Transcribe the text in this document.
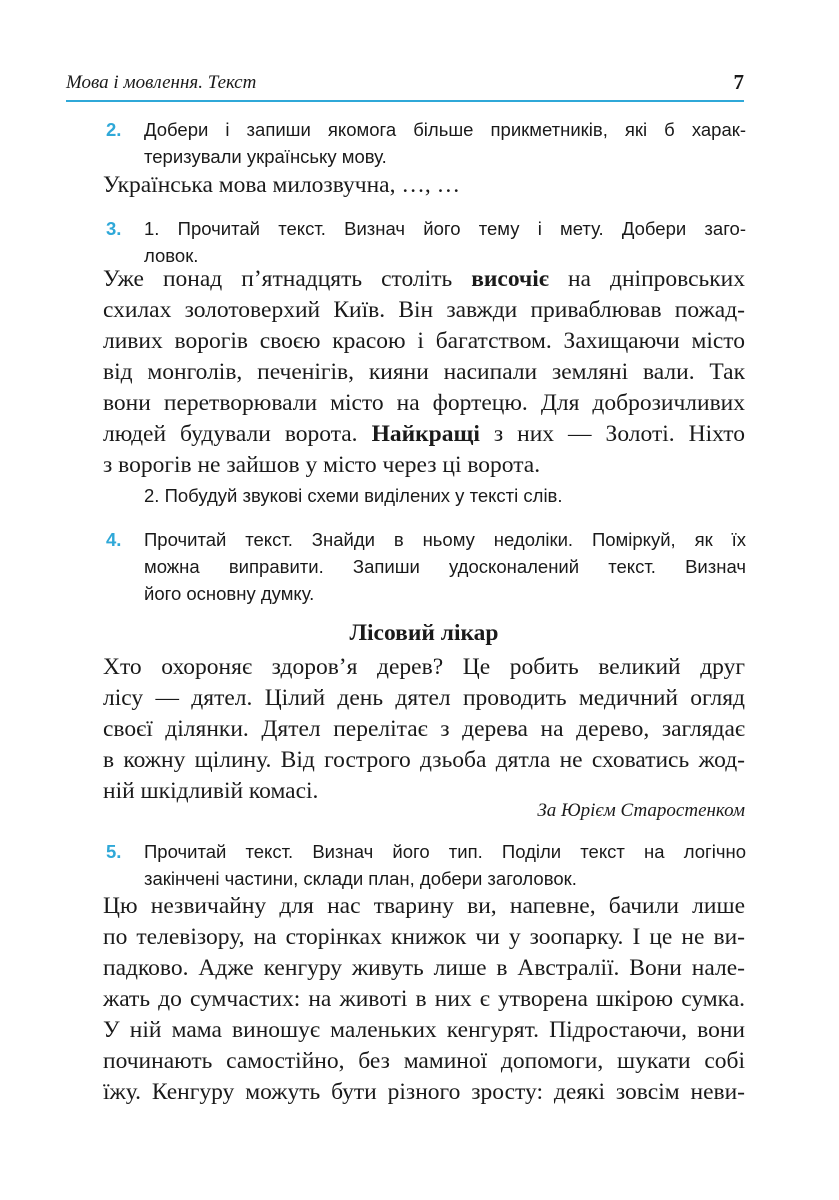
Мова і мовлення. Текст	7
2.	Добери і запиши якомога більше прикметників, які б харак-
теризували українську мову.
Українська мова милозвучна, …, …
3.	1. Прочитай текст. Визнач його тему і мету. Добери заго-
ловок.
Уже понад п’ятнадцять століть височіє на дніпровських
схилах золотоверхий Київ. Він завжди приваблював пожад-
ливих ворогів своєю красою і багатством. Захищаючи місто
від монголів, печенігів, кияни насипали земляні вали. Так
вони перетворювали місто на фортецю. Для доброзичливих
людей будували ворота. Найкращі з них — Золоті. Ніхто
з ворогів не зайшов у місто через ці ворота.
2. Побудуй звукові схеми виділених у тексті слів.
4.	Прочитай текст. Знайди в ньому недоліки. Поміркуй, як їх
можна виправити. Запиши удосконалений текст. Визнач
його основну думку.
Лісовий лікар
Хто охороняє здоров’я дерев? Це робить великий друг
лісу — дятел. Цілий день дятел проводить медичний огляд
своєї ділянки. Дятел перелітає з дерева на дерево, заглядає
в кожну щілину. Від гострого дзьоба дятла не сховатись жод-
ній шкідливій комасі.
За Юрієм Старостенком
5.	Прочитай текст. Визнач його тип. Поділи текст на логічно
закінчені частини, склади план, добери заголовок.
Цю незвичайну для нас тварину ви, напевне, бачили лише
по телевізору, на сторінках книжок чи у зоопарку. І це не ви-
падково. Адже кенгуру живуть лише в Австралії. Вони нале-
жать до сумчастих: на животі в них є утворена шкірою сумка.
У ній мама виношує маленьких кенгурят. Підростаючи, вони
починають самостійно, без маминої допомоги, шукати собі
їжу. Кенгуру можуть бути різного зросту: деякі зовсім неви-
